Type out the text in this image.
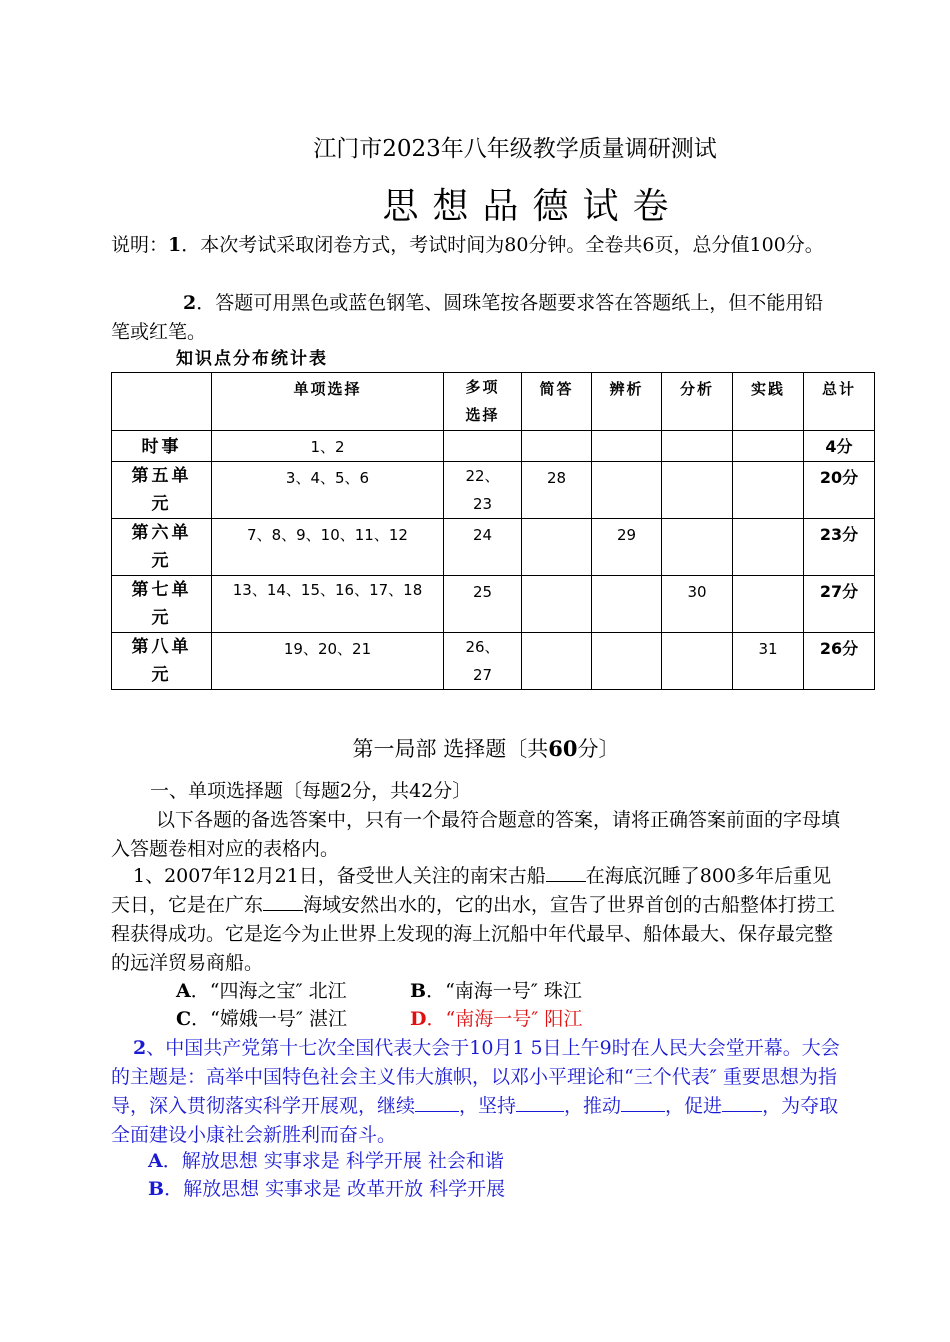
江门市2023年八年级教学质量调研测试
思想品德试卷
说明：1．本次考试采取闭卷方式，考试时间为80分钟。全卷共6页，总分值100分。
2．答题可用黑色或蓝色钢笔、圆珠笔按各题要求答在答题纸上，但不能用铅笔或红笔。
知识点分布统计表
	单项选择	多项选择	简答	辨析	分析	实践	总计
时事	1、2						4分
第五单元	3、4、5、6	22、23	28				20分
第六单元	7、8、9、10、11、12	24		29			23分
第七单元	13、14、15、16、17、18	25			30		27分
第八单元	19、20、21	26、27				31	26分
第一局部 选择题〔共60分〕
一、单项选择题〔每题2分，共42分〕
以下各题的备选答案中，只有一个最符合题意的答案，请将正确答案前面的字母填入答题卷相对应的表格内。
1、2007年12月21日，备受世人关注的南宋古船 在海底沉睡了800多年后重见天日，它是在广东 海域安然出水的，它的出水，宣告了世界首创的古船整体打捞工程获得成功。它是迄今为止世界上发现的海上沉船中年代最早、船体最大、保存最完整的远洋贸易商船。
A．“四海之宝″ 北江	B．“南海一号″ 珠江
C．“嫦娥一号″ 湛江	D．“南海一号″ 阳江
2、中国共产党第十七次全国代表大会于10月1 5日上午9时在人民大会堂开幕。大会的主题是：高举中国特色社会主义伟大旗帜，以邓小平理论和“三个代表″ 重要思想为指导，深入贯彻落实科学开展观，继续 ，坚持	，推动 ，促进 ，为夺取全面建设小康社会新胜利而奋斗。
A．解放思想 实事求是 科学开展 社会和谐
B．解放思想 实事求是 改革开放 科学开展
